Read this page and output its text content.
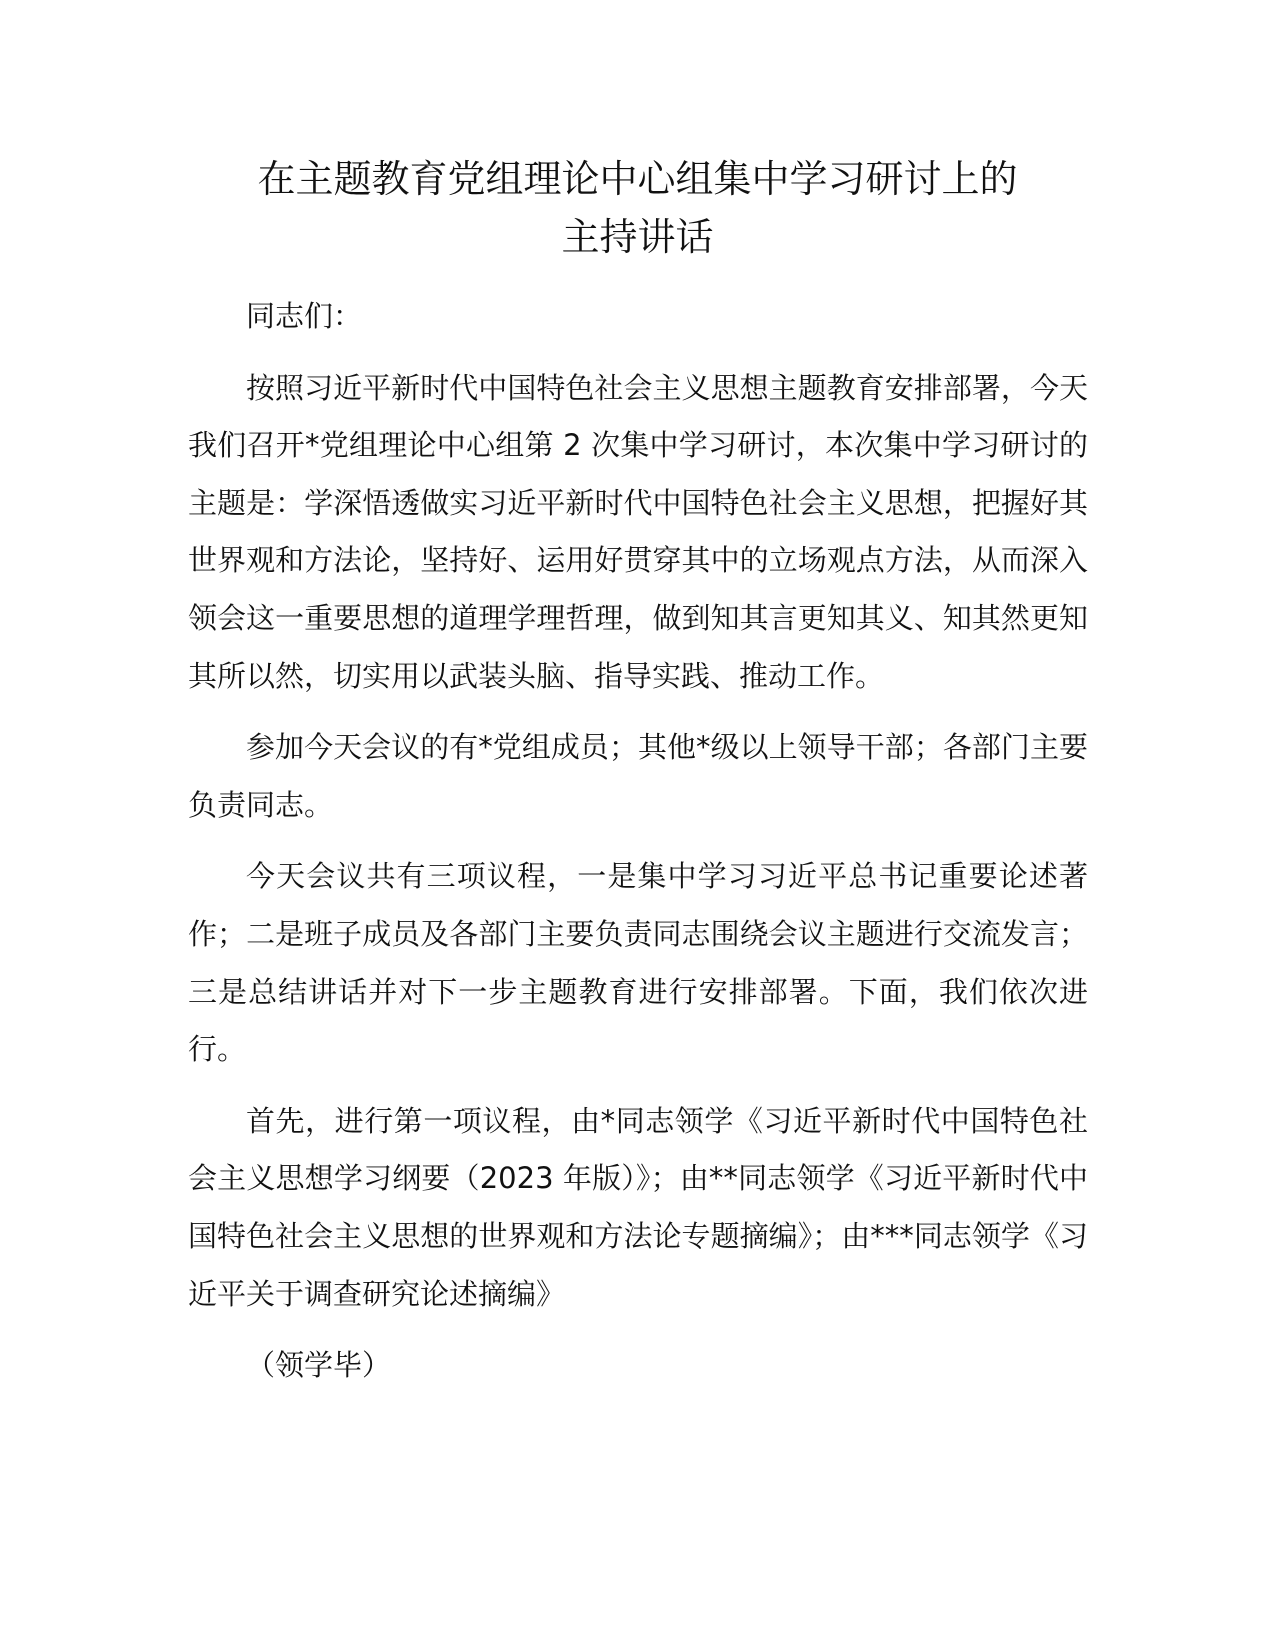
在主题教育党组理论中心组集中学习研讨上的
主持讲话

同志们：

按照习近平新时代中国特色社会主义思想主题教育安排部署，今天我们召开*党组理论中心组第 2 次集中学习研讨，本次集中学习研讨的主题是：学深悟透做实习近平新时代中国特色社会主义思想，把握好其世界观和方法论，坚持好、运用好贯穿其中的立场观点方法，从而深入领会这一重要思想的道理学理哲理，做到知其言更知其义、知其然更知其所以然，切实用以武装头脑、指导实践、推动工作。

参加今天会议的有*党组成员；其他*级以上领导干部；各部门主要负责同志。

今天会议共有三项议程，一是集中学习习近平总书记重要论述著作；二是班子成员及各部门主要负责同志围绕会议主题进行交流发言；三是总结讲话并对下一步主题教育进行安排部署。下面，我们依次进行。

首先，进行第一项议程，由*同志领学《习近平新时代中国特色社会主义思想学习纲要（2023 年版）》；由**同志领学《习近平新时代中国特色社会主义思想的世界观和方法论专题摘编》；由***同志领学《习近平关于调查研究论述摘编》

（领学毕）
